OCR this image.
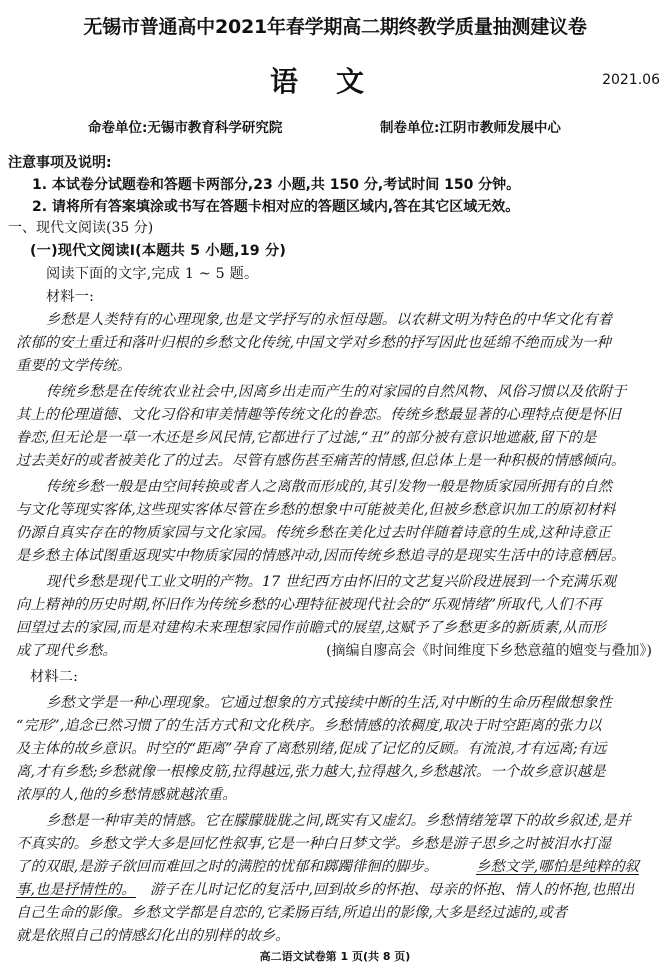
无锡市普通高中2021年春学期高二期终教学质量抽测建议卷
语文	2021.06
命卷单位:无锡市教育科学研究院	制卷单位:江阴市教师发展中心
注意事项及说明:
1. 本试卷分试题卷和答题卡两部分,23 小题,共 150 分,考试时间 150 分钟。
2. 请将所有答案填涂或书写在答题卡相对应的答题区域内,答在其它区域无效。
一、现代文阅读(35 分)
(一)现代文阅读Ⅰ(本题共 5 小题,19 分)
阅读下面的文字,完成 1 ~ 5 题。
材料一:
乡愁是人类特有的心理现象,也是文学抒写的永恒母题。以农耕文明为特色的中华文化有着
浓郁的安土重迁和落叶归根的乡愁文化传统,中国文学对乡愁的抒写因此也延绵不绝而成为一种
重要的文学传统。
传统乡愁是在传统农业社会中,因离乡出走而产生的对家园的自然风物、风俗习惯以及依附于
其上的伦理道德、文化习俗和审美情趣等传统文化的眷恋。传统乡愁最显著的心理特点便是怀旧
眷恋,但无论是一草一木还是乡风民情,它都进行了过滤,“丑”的部分被有意识地遮蔽,留下的是
过去美好的或者被美化了的过去。尽管有感伤甚至痛苦的情感,但总体上是一种积极的情感倾向。
传统乡愁一般是由空间转换或者人之离散而形成的,其引发物一般是物质家园所拥有的自然
与文化等现实客体,这些现实客体尽管在乡愁的想象中可能被美化,但被乡愁意识加工的原初材料
仍源自真实存在的物质家园与文化家园。传统乡愁在美化过去时伴随着诗意的生成,这种诗意正
是乡愁主体试图重返现实中物质家园的情感冲动,因而传统乡愁追寻的是现实生活中的诗意栖居。
现代乡愁是现代工业文明的产物。17 世纪西方由怀旧的文艺复兴阶段进展到一个充满乐观
向上精神的历史时期,怀旧作为传统乡愁的心理特征被现代社会的“乐观情绪”所取代,人们不再
回望过去的家园,而是对建构未来理想家园作前瞻式的展望,这赋予了乡愁更多的新质素,从而形
成了现代乡愁。	(摘编自廖高会《时间维度下乡愁意蕴的嬗变与叠加》)
材料二:
乡愁文学是一种心理现象。它通过想象的方式接续中断的生活,对中断的生命历程做想象性
“完形”,追念已然习惯了的生活方式和文化秩序。乡愁情感的浓稠度,取决于时空距离的张力以
及主体的故乡意识。时空的“距离”孕育了离愁别绪,促成了记忆的反顾。有流浪,才有远离;有远
离,才有乡愁;乡愁就像一根橡皮筋,拉得越远,张力越大,拉得越久,乡愁越浓。一个故乡意识越是
浓厚的人,他的乡愁情感就越浓重。
乡愁是一种审美的情感。它在朦朦胧胧之间,既实有又虚幻。乡愁情绪笼罩下的故乡叙述,是并
不真实的。乡愁文学大多是回忆性叙事,它是一种白日梦文学。乡愁是游子思乡之时被泪水打湿
了的双眼,是游子欲回而难回之时的满腔的忧郁和踯躅徘徊的脚步。	乡愁文学,哪怕是纯粹的叙
事,也是抒情性的。 游子在儿时记忆的复活中,回到故乡的怀抱、母亲的怀抱、情人的怀抱,也照出
自己生命的影像。乡愁文学都是自恋的,它柔肠百结,所追出的影像,大多是经过滤的,或者
就是依照自己的情感幻化出的别样的故乡。
高二语文试卷第 1 页(共 8 页)
